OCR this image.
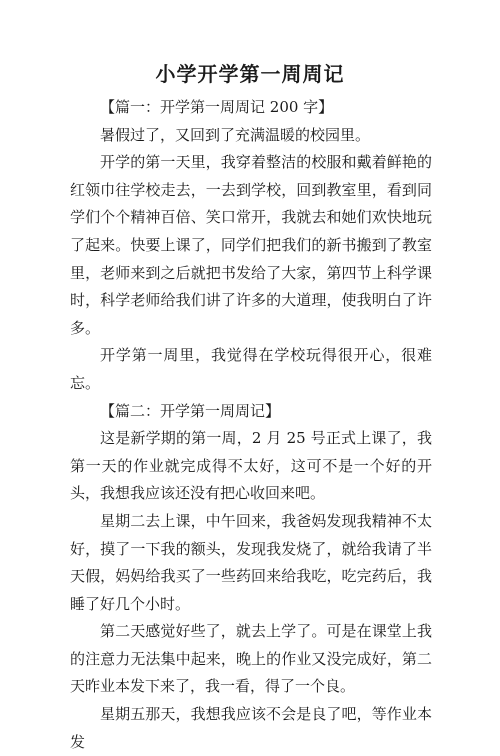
小学开学第一周周记

【篇一：开学第一周周记 200 字】

暑假过了，又回到了充满温暖的校园里。

开学的第一天里，我穿着整洁的校服和戴着鲜艳的红领巾往学校走去，一去到学校，回到教室里，看到同学们个个精神百倍、笑口常开，我就去和她们欢快地玩了起来。快要上课了，同学们把我们的新书搬到了教室里，老师来到之后就把书发给了大家，第四节上科学课时，科学老师给我们讲了许多的大道理，使我明白了许多。

开学第一周里，我觉得在学校玩得很开心，很难忘。

【篇二：开学第一周周记】

这是新学期的第一周，2 月 25 号正式上课了，我第一天的作业就完成得不太好，这可不是一个好的开头，我想我应该还没有把心收回来吧。

星期二去上课，中午回来，我爸妈发现我精神不太好，摸了一下我的额头，发现我发烧了，就给我请了半天假，妈妈给我买了一些药回来给我吃，吃完药后，我睡了好几个小时。

第二天感觉好些了，就去上学了。可是在课堂上我的注意力无法集中起来，晚上的作业又没完成好，第二天昨业本发下来了，我一看，得了一个良。

星期五那天，我想我应该不会是良了吧，等作业本发
